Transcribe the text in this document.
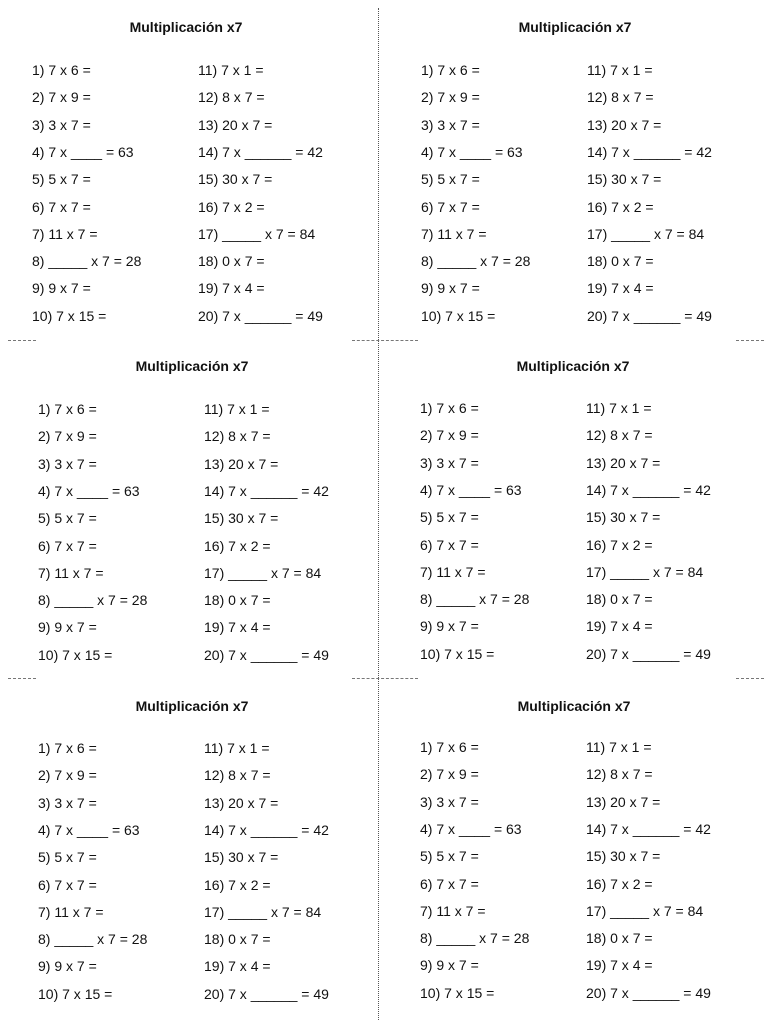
Multiplicación x7
1) 7 x 6 =
2) 7 x 9 =
3) 3 x 7 =
4) 7 x ____ = 63
5) 5 x 7 =
6) 7 x 7 =
7) 11 x 7 =
8) _____ x 7 = 28
9) 9 x 7 =
10) 7 x 15 =
11) 7 x 1 =
12) 8 x 7 =
13) 20 x 7 =
14) 7 x ______ = 42
15) 30 x 7 =
16) 7 x 2 =
17) _____ x 7 = 84
18) 0 x 7 =
19) 7 x 4 =
20) 7 x ______ = 49
Multiplicación x7
1) 7 x 6 =
2) 7 x 9 =
3) 3 x 7 =
4) 7 x ____ = 63
5) 5 x 7 =
6) 7 x 7 =
7) 11 x 7 =
8) _____ x 7 = 28
9) 9 x 7 =
10) 7 x 15 =
11) 7 x 1 =
12) 8 x 7 =
13) 20 x 7 =
14) 7 x ______ = 42
15) 30 x 7 =
16) 7 x 2 =
17) _____ x 7 = 84
18) 0 x 7 =
19) 7 x 4 =
20) 7 x ______ = 49
Multiplicación x7
1) 7 x 6 =
2) 7 x 9 =
3) 3 x 7 =
4) 7 x ____ = 63
5) 5 x 7 =
6) 7 x 7 =
7) 11 x 7 =
8) _____ x 7 = 28
9) 9 x 7 =
10) 7 x 15 =
11) 7 x 1 =
12) 8 x 7 =
13) 20 x 7 =
14) 7 x ______ = 42
15) 30 x 7 =
16) 7 x 2 =
17) _____ x 7 = 84
18) 0 x 7 =
19) 7 x 4 =
20) 7 x ______ = 49
Multiplicación x7
1) 7 x 6 =
2) 7 x 9 =
3) 3 x 7 =
4) 7 x ____ = 63
5) 5 x 7 =
6) 7 x 7 =
7) 11 x 7 =
8) _____ x 7 = 28
9) 9 x 7 =
10) 7 x 15 =
11) 7 x 1 =
12) 8 x 7 =
13) 20 x 7 =
14) 7 x ______ = 42
15) 30 x 7 =
16) 7 x 2 =
17) _____ x 7 = 84
18) 0 x 7 =
19) 7 x 4 =
20) 7 x ______ = 49
Multiplicación x7
1) 7 x 6 =
2) 7 x 9 =
3) 3 x 7 =
4) 7 x ____ = 63
5) 5 x 7 =
6) 7 x 7 =
7) 11 x 7 =
8) _____ x 7 = 28
9) 9 x 7 =
10) 7 x 15 =
11) 7 x 1 =
12) 8 x 7 =
13) 20 x 7 =
14) 7 x ______ = 42
15) 30 x 7 =
16) 7 x 2 =
17) _____ x 7 = 84
18) 0 x 7 =
19) 7 x 4 =
20) 7 x ______ = 49
Multiplicación x7
1) 7 x 6 =
2) 7 x 9 =
3) 3 x 7 =
4) 7 x ____ = 63
5) 5 x 7 =
6) 7 x 7 =
7) 11 x 7 =
8) _____ x 7 = 28
9) 9 x 7 =
10) 7 x 15 =
11) 7 x 1 =
12) 8 x 7 =
13) 20 x 7 =
14) 7 x ______ = 42
15) 30 x 7 =
16) 7 x 2 =
17) _____ x 7 = 84
18) 0 x 7 =
19) 7 x 4 =
20) 7 x ______ = 49
